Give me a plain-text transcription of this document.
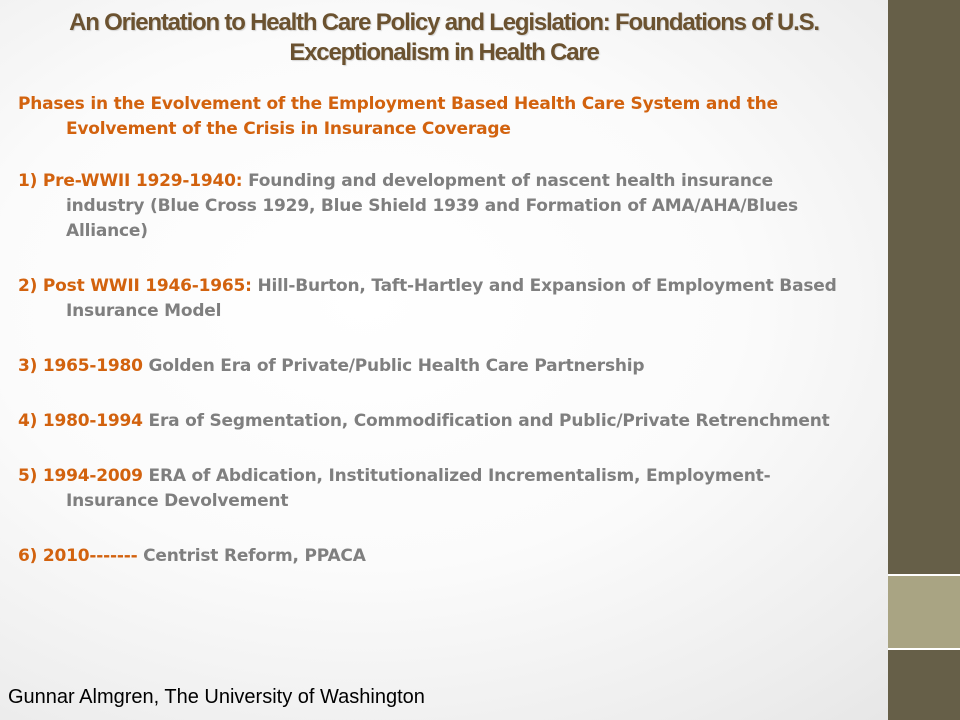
An Orientation to Health Care Policy and Legislation: Foundations of U.S.
Exceptionalism in Health Care
Phases in the Evolvement of the Employment Based Health Care System and the Evolvement of the Crisis in Insurance Coverage
1) Pre-WWII 1929-1940: Founding and development of nascent health insurance industry (Blue Cross 1929, Blue Shield 1939 and Formation of AMA/AHA/Blues Alliance)
2) Post WWII 1946-1965: Hill-Burton, Taft-Hartley and Expansion of Employment Based Insurance Model
3) 1965-1980 Golden Era of Private/Public Health Care Partnership
4) 1980-1994 Era of Segmentation, Commodification and Public/Private Retrenchment
5) 1994-2009 ERA of Abdication, Institutionalized Incrementalism, Employment-Insurance Devolvement
6) 2010------- Centrist Reform, PPACA
Gunnar Almgren, The University of Washington
